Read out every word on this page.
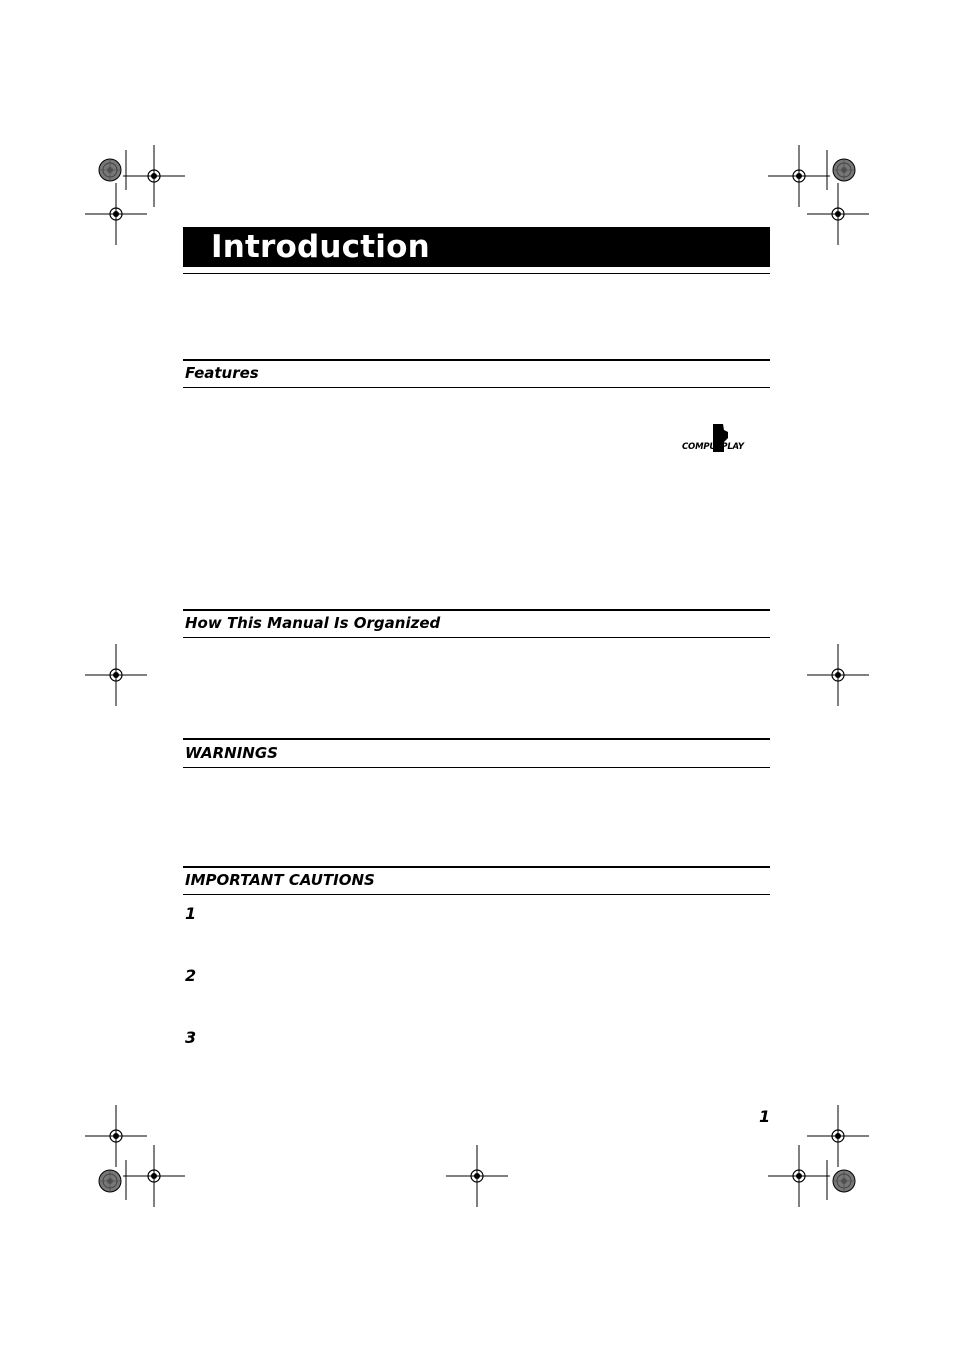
Introduction
Features
COMPU•PLAY
How This Manual Is Organized
WARNINGS
IMPORTANT CAUTIONS
1
2
3
1
